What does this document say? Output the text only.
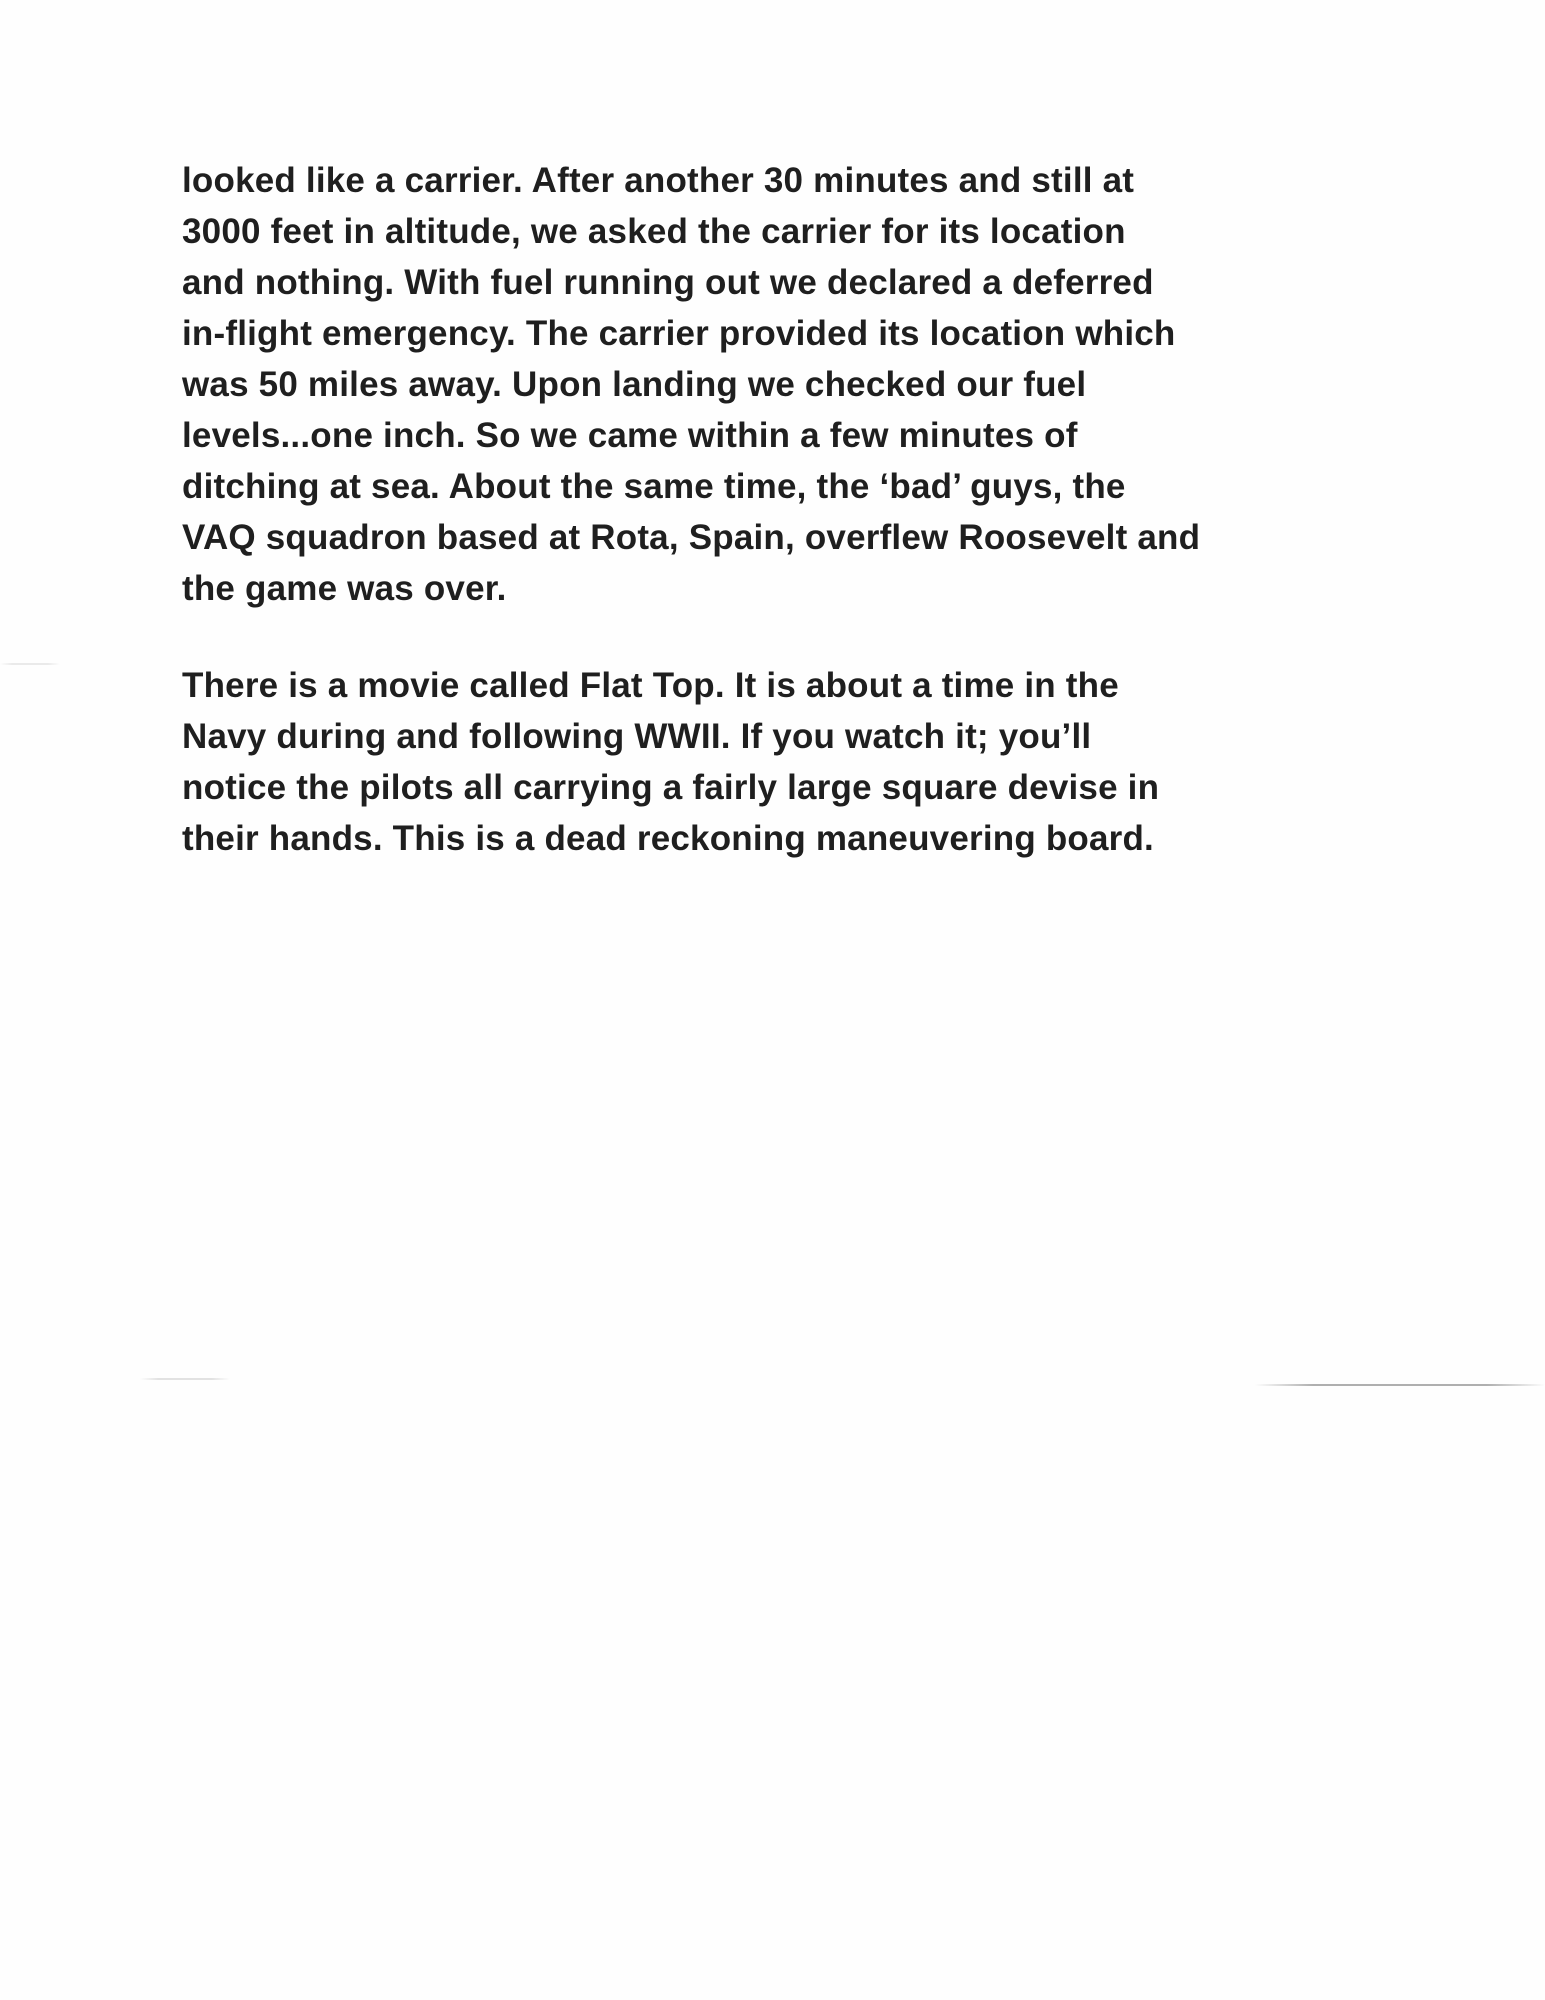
looked like a carrier. After another 30 minutes and still at
3000 feet in altitude, we asked the carrier for its location
and nothing. With fuel running out we declared a deferred
in-flight emergency. The carrier provided its location which
was 50 miles away. Upon landing we checked our fuel
levels...one inch. So we came within a few minutes of
ditching at sea. About the same time, the ‘bad’ guys, the
VAQ squadron based at Rota, Spain, overflew Roosevelt and
the game was over.
There is a movie called Flat Top. It is about a time in the
Navy during and following WWII. If you watch it; you’ll
notice the pilots all carrying a fairly large square devise in
their hands. This is a dead reckoning maneuvering board.
